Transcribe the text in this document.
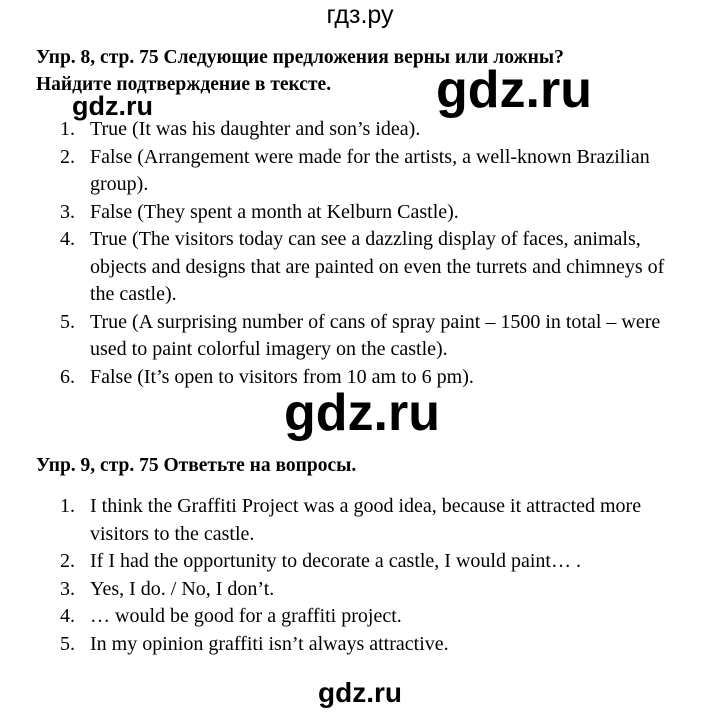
гдз.ру
Упр. 8, стр. 75 Следующие предложения верны или ложны?
Найдите подтверждение в тексте.
gdz.ru	gdz.ru
1. True (It was his daughter and son’s idea).
2. False (Arrangement were made for the artists, a well-known Brazilian group).
3. False (They spent a month at Kelburn Castle).
4. True (The visitors today can see a dazzling display of faces, animals, objects and designs that are painted on even the turrets and chimneys of the castle).
5. True (A surprising number of cans of spray paint – 1500 in total – were used to paint colorful imagery on the castle).
6. False (It’s open to visitors from 10 am to 6 pm).
gdz.ru
Упр. 9, стр. 75 Ответьте на вопросы.
1. I think the Graffiti Project was a good idea, because it attracted more visitors to the castle.
2. If I had the opportunity to decorate a castle, I would paint… .
3. Yes, I do. / No, I don’t.
4. … would be good for a graffiti project.
5. In my opinion graffiti isn’t always attractive.
gdz.ru
